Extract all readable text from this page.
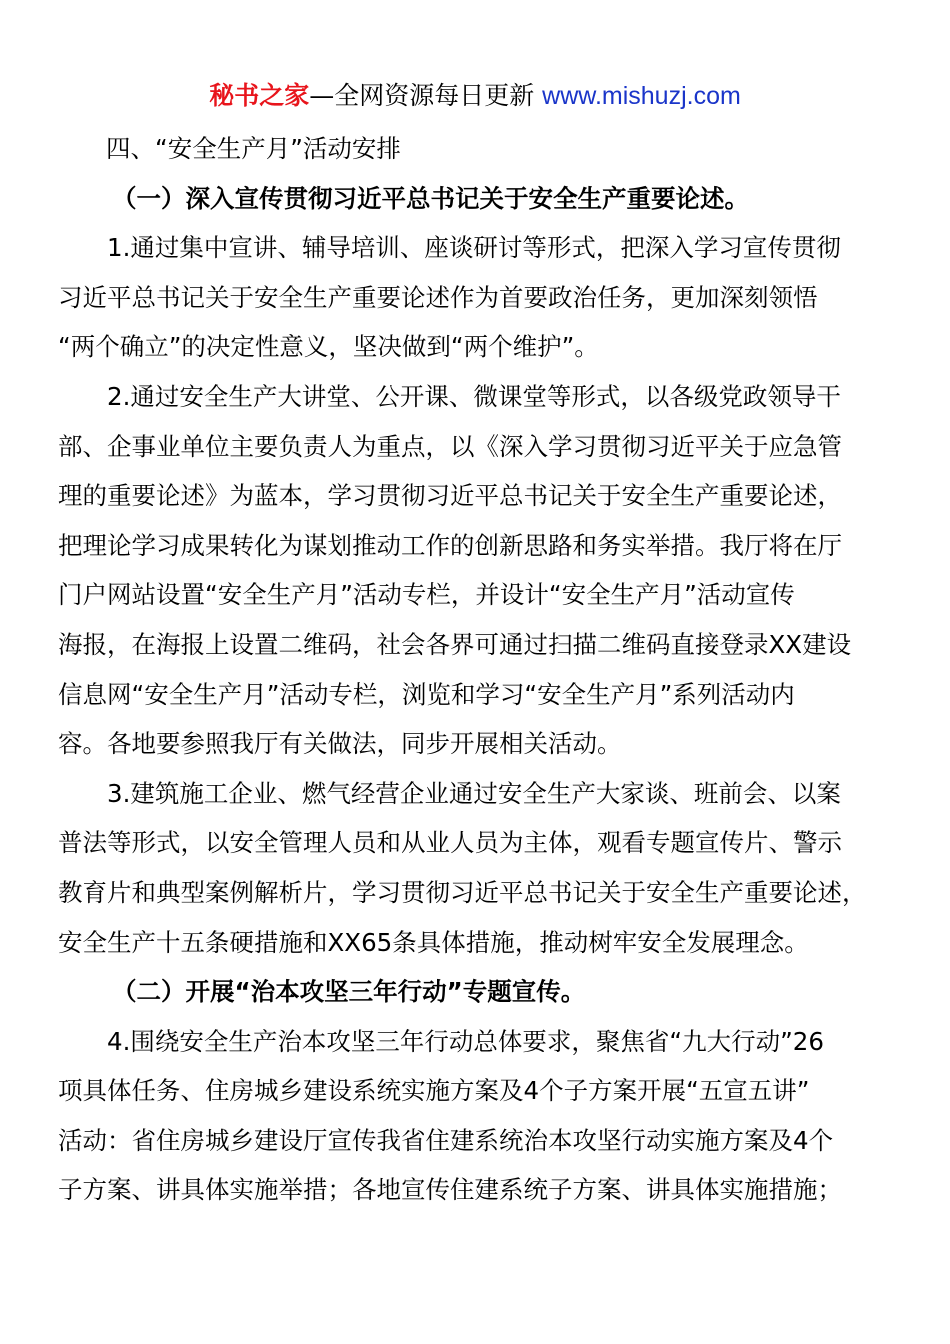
秘书之家—全网资源每日更新 www.mishuzj.com
四、“安全生产月”活动安排
（一）深入宣传贯彻习近平总书记关于安全生产重要论述。
1.通过集中宣讲、辅导培训、座谈研讨等形式，把深入学习宣传贯彻
习近平总书记关于安全生产重要论述作为首要政治任务，更加深刻领悟
“两个确立”的决定性意义，坚决做到“两个维护”。
2.通过安全生产大讲堂、公开课、微课堂等形式，以各级党政领导干
部、企事业单位主要负责人为重点，以《深入学习贯彻习近平关于应急管
理的重要论述》为蓝本，学习贯彻习近平总书记关于安全生产重要论述，
把理论学习成果转化为谋划推动工作的创新思路和务实举措。我厅将在厅
门户网站设置“安全生产月”活动专栏，并设计“安全生产月”活动宣传
海报，在海报上设置二维码，社会各界可通过扫描二维码直接登录XX建设
信息网“安全生产月”活动专栏，浏览和学习“安全生产月”系列活动内
容。各地要参照我厅有关做法，同步开展相关活动。
3.建筑施工企业、燃气经营企业通过安全生产大家谈、班前会、以案
普法等形式，以安全管理人员和从业人员为主体，观看专题宣传片、警示
教育片和典型案例解析片，学习贯彻习近平总书记关于安全生产重要论述，
安全生产十五条硬措施和XX65条具体措施，推动树牢安全发展理念。
（二）开展“治本攻坚三年行动”专题宣传。
4.围绕安全生产治本攻坚三年行动总体要求，聚焦省“九大行动”26
项具体任务、住房城乡建设系统实施方案及4个子方案开展“五宣五讲”
活动：省住房城乡建设厅宣传我省住建系统治本攻坚行动实施方案及4个
子方案、讲具体实施举措；各地宣传住建系统子方案、讲具体实施措施；
